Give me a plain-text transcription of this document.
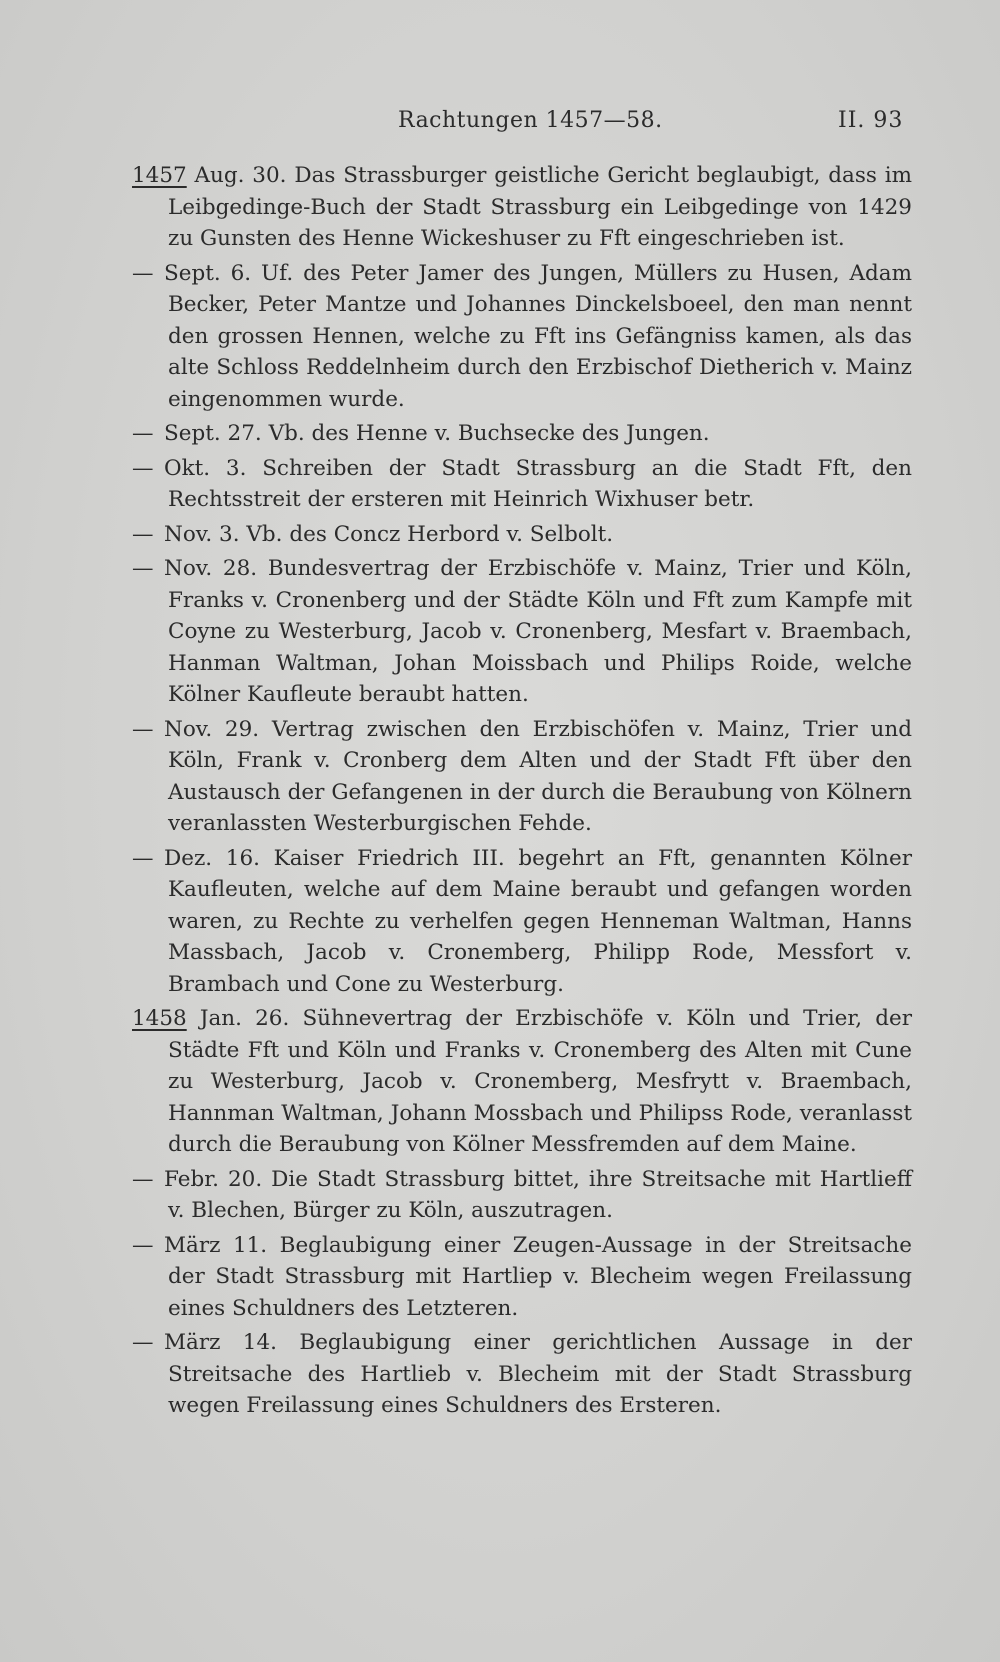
Rachtungen 1457—58.	II. 93

1457 Aug. 30. Das Strassburger geistliche Gericht beglaubigt, dass im Leibgedinge-Buch der Stadt Strassburg ein Leibgedinge von 1429 zu Gunsten des Henne Wickeshuser zu Fft eingeschrieben ist.

— Sept. 6. Uf. des Peter Jamer des Jungen, Müllers zu Husen, Adam Becker, Peter Mantze und Johannes Dinckelsboeel, den man nennt den grossen Hennen, welche zu Fft ins Gefängniss kamen, als das alte Schloss Reddelnheim durch den Erzbischof Dietherich v. Mainz eingenommen wurde.

— Sept. 27. Vb. des Henne v. Buchsecke des Jungen.

— Okt. 3. Schreiben der Stadt Strassburg an die Stadt Fft, den Rechtsstreit der ersteren mit Heinrich Wixhuser betr.

— Nov. 3. Vb. des Concz Herbord v. Selbolt.

— Nov. 28. Bundesvertrag der Erzbischöfe v. Mainz, Trier und Köln, Franks v. Cronenberg und der Städte Köln und Fft zum Kampfe mit Coyne zu Westerburg, Jacob v. Cronenberg, Mesfart v. Braembach, Hanman Waltman, Johan Moissbach und Philips Roide, welche Kölner Kaufleute beraubt hatten.

— Nov. 29. Vertrag zwischen den Erzbischöfen v. Mainz, Trier und Köln, Frank v. Cronberg dem Alten und der Stadt Fft über den Austausch der Gefangenen in der durch die Beraubung von Kölnern veranlassten Westerburgischen Fehde.

— Dez. 16. Kaiser Friedrich III. begehrt an Fft, genannten Kölner Kaufleuten, welche auf dem Maine beraubt und gefangen worden waren, zu Rechte zu verhelfen gegen Henneman Waltman, Hanns Massbach, Jacob v. Cronemberg, Philipp Rode, Messfort v. Brambach und Cone zu Westerburg.

1458 Jan. 26. Sühnevertrag der Erzbischöfe v. Köln und Trier, der Städte Fft und Köln und Franks v. Cronemberg des Alten mit Cune zu Westerburg, Jacob v. Cronemberg, Mesfrytt v. Braembach, Hannman Waltman, Johann Mossbach und Philipss Rode, veranlasst durch die Beraubung von Kölner Messfremden auf dem Maine.

— Febr. 20. Die Stadt Strassburg bittet, ihre Streitsache mit Hartlieff v. Blechen, Bürger zu Köln, auszutragen.

— März 11. Beglaubigung einer Zeugen-Aussage in der Streitsache der Stadt Strassburg mit Hartliep v. Blecheim wegen Freilassung eines Schuldners des Letzteren.

— März 14. Beglaubigung einer gerichtlichen Aussage in der Streitsache des Hartlieb v. Blecheim mit der Stadt Strassburg wegen Freilassung eines Schuldners des Ersteren.
